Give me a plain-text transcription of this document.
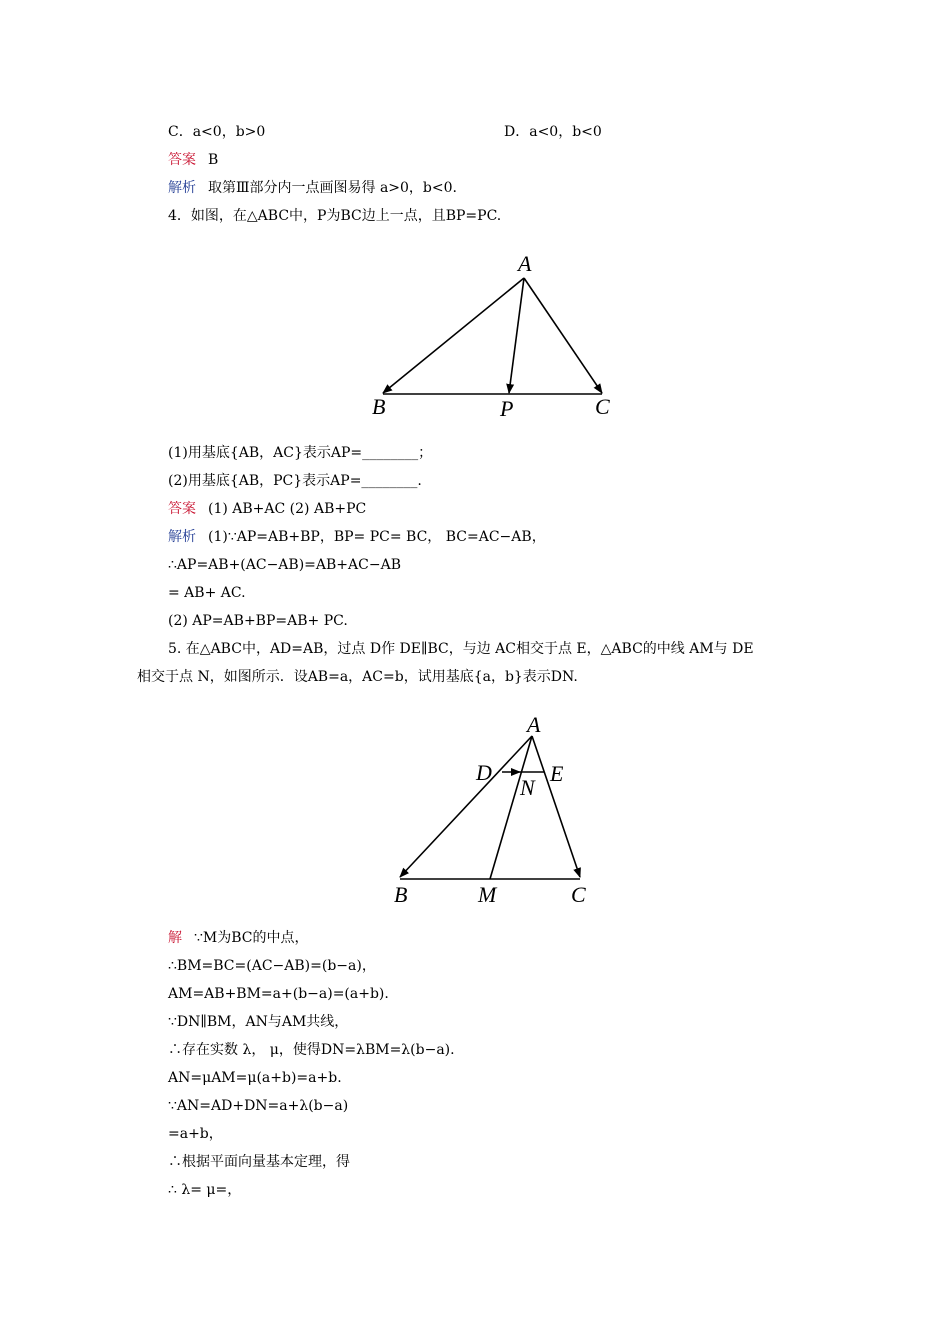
C．a<0，b>0	D．a<0，b<0
答案 B
解析 取第Ⅲ部分内一点画图易得 a>0，b<0.
4．如图，在△ABC中，P为BC边上一点，且BP=PC.
A
B	P	C
(1)用基底{AB，AC}表示AP=________；
(2)用基底{AB，PC}表示AP=________.
答案 (1) AB+AC (2) AB+PC
解析 (1)∵AP=AB+BP，BP= PC= BC， BC=AC−AB，
∴AP=AB+(AC−AB)=AB+AC−AB
= AB+ AC.
(2) AP=AB+BP=AB+ PC.
5. 在△ABC中，AD=AB，过点 D作 DE∥BC，与边 AC相交于点 E，△ABC的中线 AM与 DE
相交于点 N，如图所示．设AB=a，AC=b，试用基底{a，b}表示DN.
A
D	E
N
B	M	C
解 ∵M为BC的中点，
∴BM=BC=(AC−AB)=(b−a)，
AM=AB+BM=a+(b−a)=(a+b).
∵DN∥BM，AN与AM共线，
∴存在实数 λ， μ，使得DN=λBM=λ(b−a).
AN=μAM=μ(a+b)=a+b.
∵AN=AD+DN=a+λ(b−a)
=a+b，
∴根据平面向量基本定理，得
∴ λ= μ=，
